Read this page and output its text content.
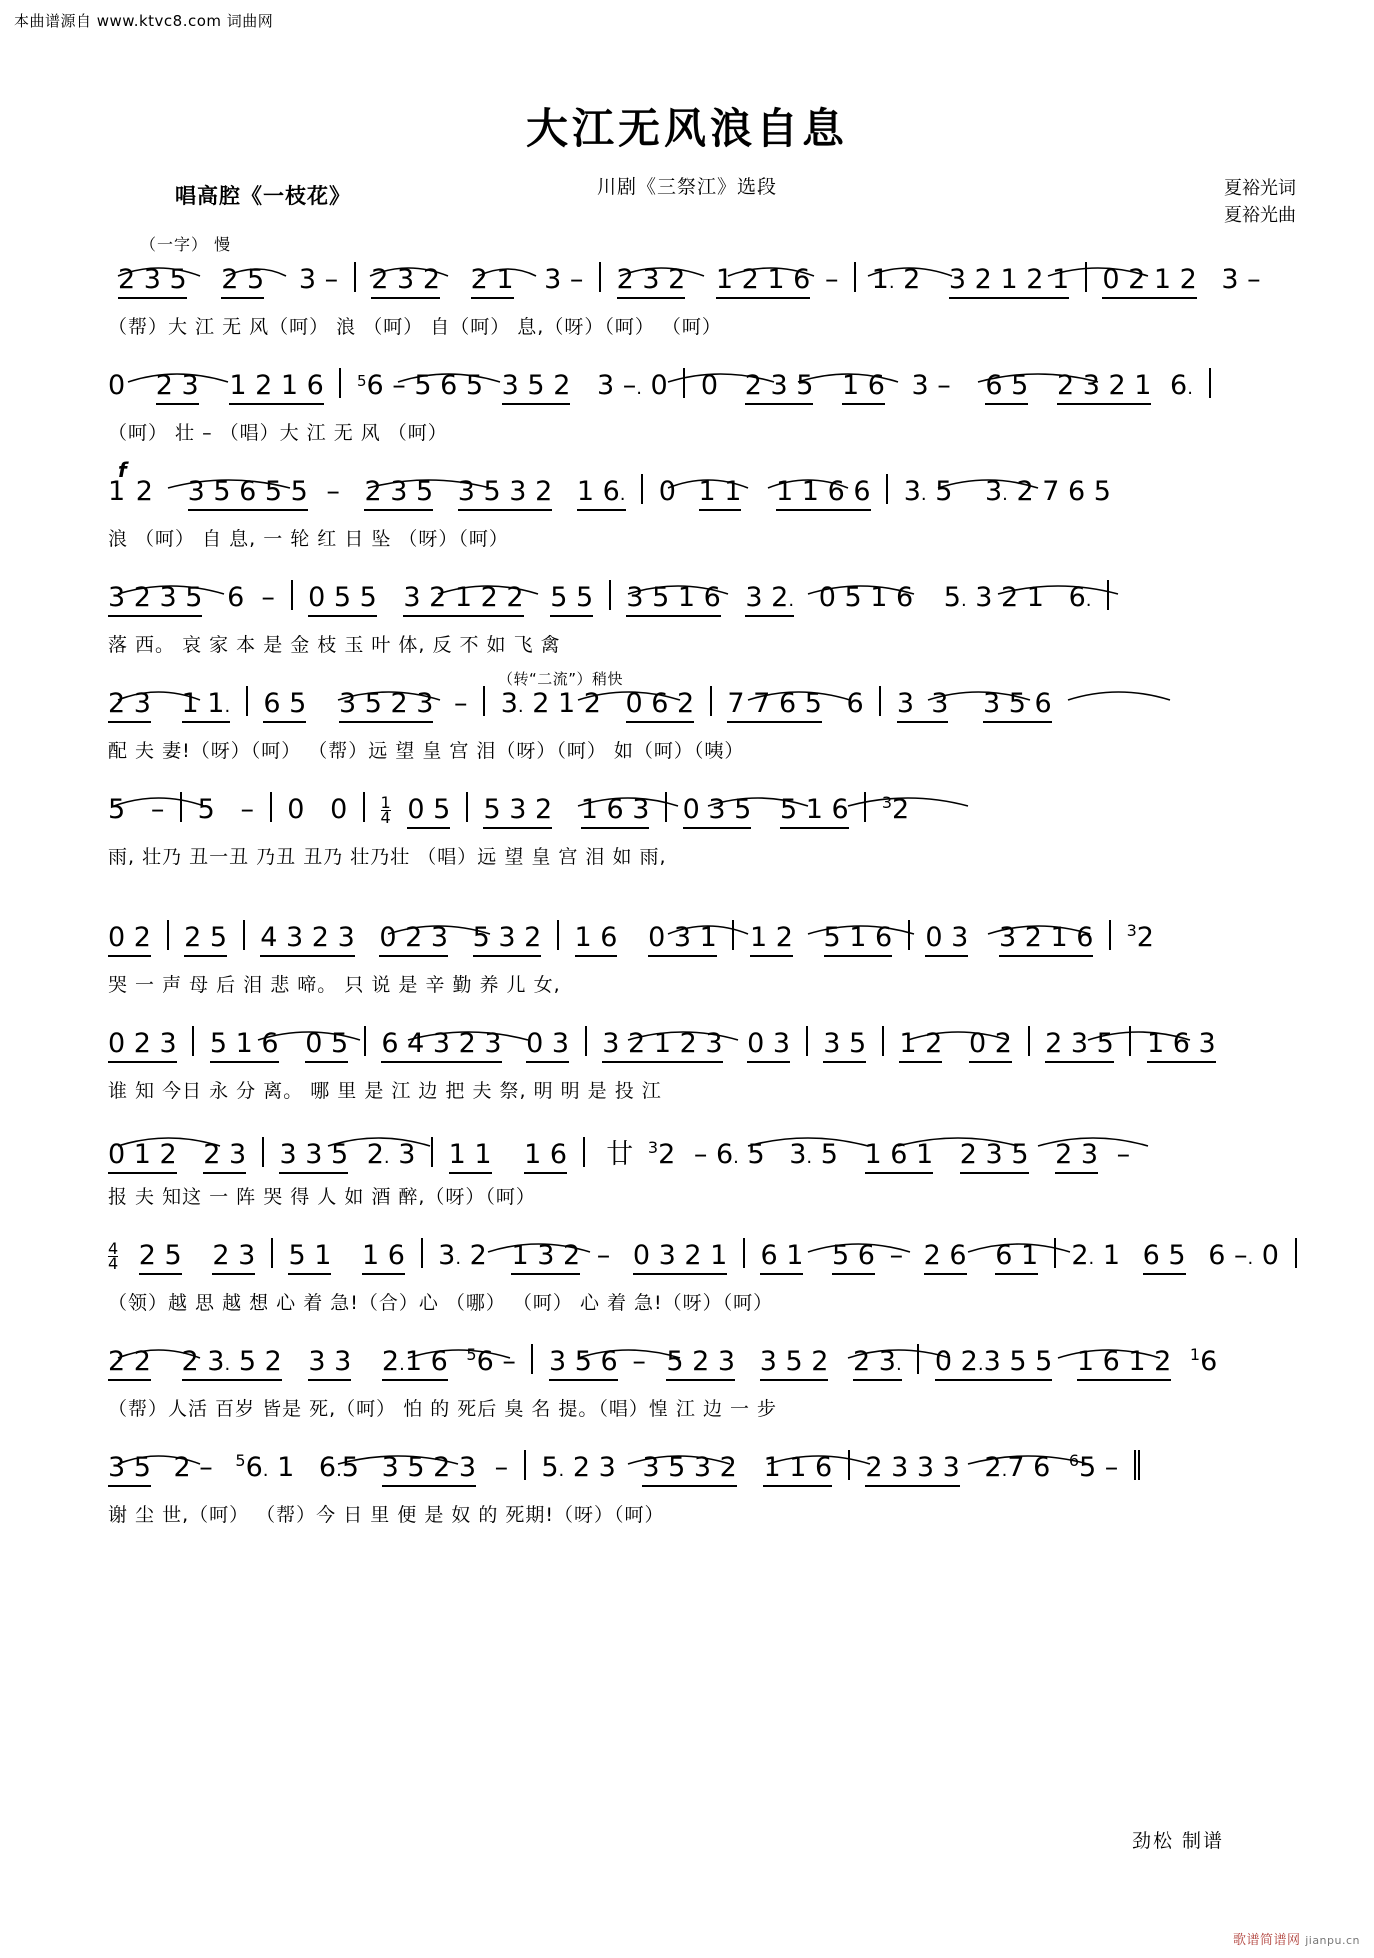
本曲谱源自 www.ktvc8.com 词曲网
大江无风浪自息
川剧《三祭江》选段
唱高腔《一枝花》	夏裕光词
夏裕光曲
（一字） 慢
2 3 5 2 5 3 – 2 3 2 2 1 3 – 2 3 2 1 2 1 6 – 1. 2 3 2 1 2 1 0 2 1 2 3 –
（帮）大 江 无 风（呵） 浪 （呵） 自（呵） 息,（呀）（呵） （呵）
0 2 3 1 2 1 6 56 – 5 6 5 3 5 2 3 –. 0 0 2 3 5 1 6 3 – 6 5 2 3 2 1 6.
（呵） 壮 – （唱）大 江 无 风 （呵）
f
1 2 3 5 6 5 5 – 2 3 5 3 5 3 2 1 6. 0 1 1 1 1 6 6 3. 5 3. 2 7 6 5
浪 （呵） 自 息, 一 轮 红 日 坠 （呀）（呵）
3 2 3 5 6  – 0 5 5 3 2 1 2 2 5 5 3 5 1 6 3 2. 0 5 1 6 5. 3 2 1 6.
落 西。 哀 家 本 是 金 枝 玉 叶 体, 反 不 如 飞 禽
（转“二流”）稍快
2 3 1 1. 6 5 3 5 2 3 – 3. 2 1 2 0 6 2 7 7 6 5 6 3  3 3 5 6
配 夫 妻!（呀）（呵） （帮）远 望 皇 宫 泪（呀）（呵） 如（呵）（咦）
5   – 5   – 0   $0 \frac{1}{4} 0$ 5 5 3 2 1 6 3 0 3 5 5 1 6 32
雨, 壮乃 丑一丑 乃丑 丑乃 壮乃壮 （唱）远 望 皇 宫 泪 如 雨,
0 2 2 5 4 3 2 3 0 2 3 5 3 2 1 6 0 3 1 1 2 5 1 6 0 3 3 2 1 6 32
哭 一 声 母 后 泪 悲 啼。 只 说 是 辛 勤 养 儿 女,
0 2 3 5 1 6 0 5 6 4 3 2 3 0 3 3 2 1 2 3 0 3 3 5 1 2 0 2 2 3 5 1 6 3
谁 知 今日 永 分 离。 哪 里 是 江 边 把 夫 祭, 明 明 是 投 江
0 1 2 2 3 3 3 5 2. 3 1 1 1 6 廿 32 – 6. 5 3. 5 1 6 1 2 3 5 2 3 –
报 夫 知这 一 阵 哭 得 人 如 酒 醉,（呀）（呵）
$\frac{4}{4} 2$ 5 2 3 5 1 1 6 3. 2 1 3 2 – 0 3 2 1 6 1 5 6 – 2 6 6 1 2. 1 6 5 6 –. 0
（领）越 思 越 想 心 着 急!（合）心 （哪） （呵） 心 着 急!（呀）（呵）
2 2 2 3. 5 2 3 3 2.1 6 56 – 3 5 6 – 5 2 3 3 5 2 2 3. 0 2.3 5 5 1 6 1 2 16
（帮）人活 百岁 皆是 死,（呵） 怕 的 死后 臭 名 提。（唱）惶 江 边 一 步
3 5 2 – 56. 1 6.5 3 5 2 3 – 5. 2 3 3 5 3 2 1 1 6 2 3 3 3 2.7 6 65 –
谢 尘 世,（呵） （帮）今 日 里 便 是 奴 的 死期!（呀）（呵）
劲松 制谱
歌谱简谱网 jianpu.cn
